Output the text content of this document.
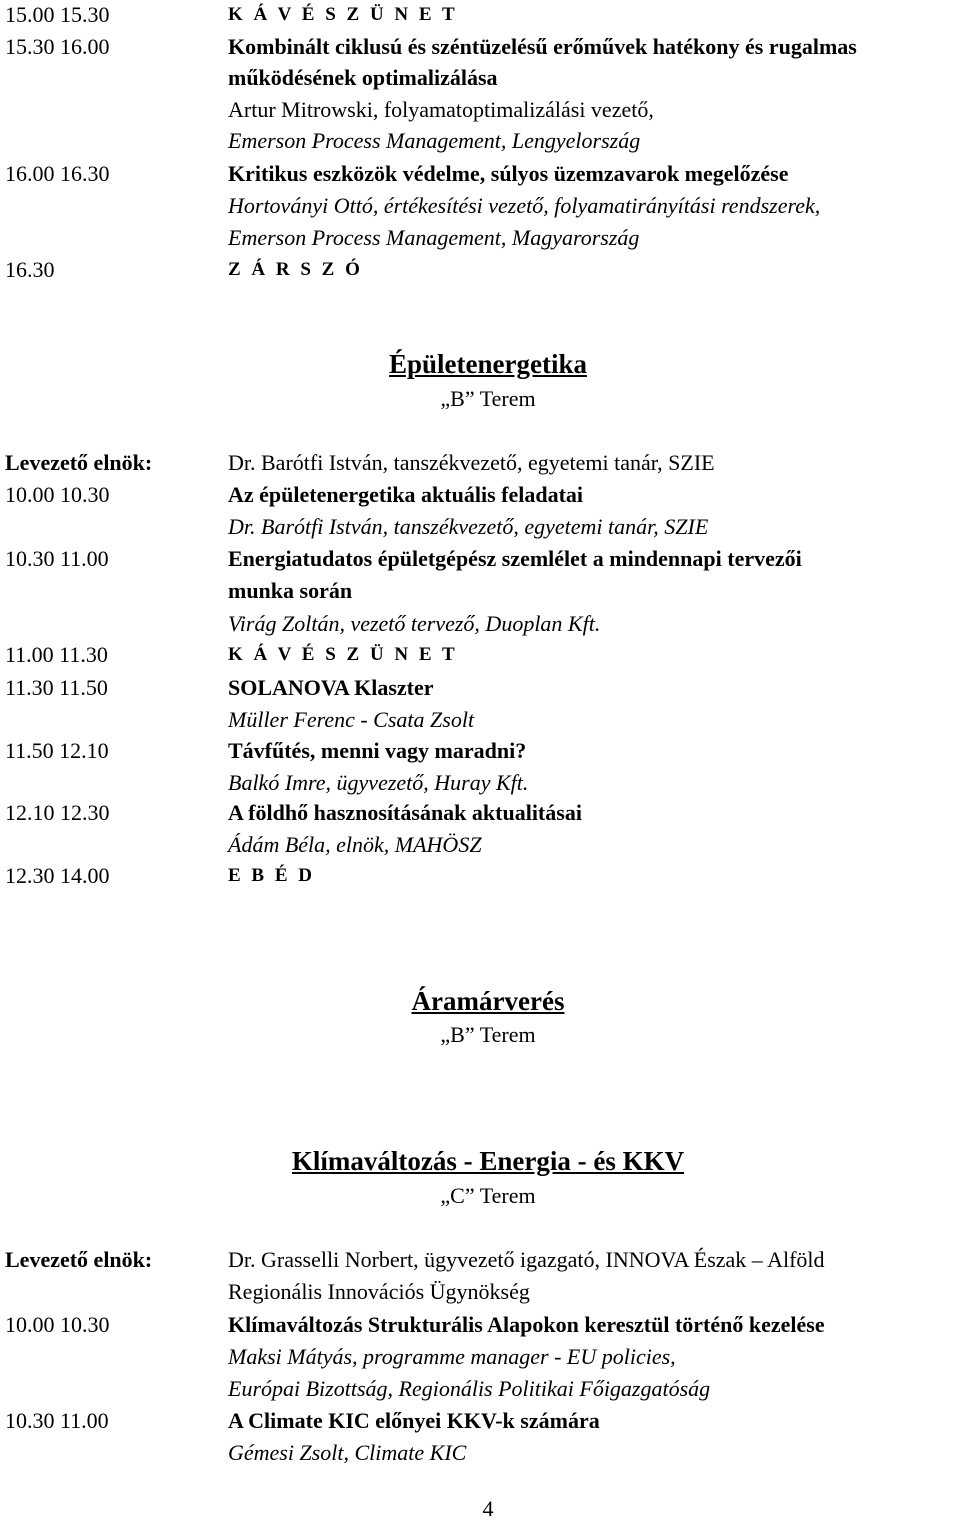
15.00 15.30	K Á V É S Z Ü N E T
15.30 16.00	Kombinált ciklusú és széntüzelésű erőművek hatékony és rugalmas
működésének optimalizálása
Artur Mitrowski, folyamatoptimalizálási vezető,
Emerson Process Management, Lengyelország
16.00 16.30	Kritikus eszközök védelme, súlyos üzemzavarok megelőzése
Hortoványi Ottó, értékesítési vezető, folyamatirányítási rendszerek,
Emerson Process Management, Magyarország
16.30	Z Á R S Z Ó
Épületenergetika
„B” Terem
Levezető elnök:	Dr. Barótfi István, tanszékvezető, egyetemi tanár, SZIE
10.00 10.30	Az épületenergetika aktuális feladatai
Dr. Barótfi István, tanszékvezető, egyetemi tanár, SZIE
10.30 11.00	Energiatudatos épületgépész szemlélet a mindennapi tervezői
munka során
Virág Zoltán, vezető tervező, Duoplan Kft.
11.00 11.30	K Á V É S Z Ü N E T
11.30 11.50	SOLANOVA Klaszter
Müller Ferenc - Csata Zsolt
11.50 12.10	Távfűtés, menni vagy maradni?
Balkó Imre, ügyvezető, Huray Kft.
12.10 12.30	A földhő hasznosításának aktualitásai
Ádám Béla, elnök, MAHÖSZ
12.30 14.00	E B É D
Áramárverés
„B” Terem
Klímaváltozás - Energia - és KKV
„C” Terem
Levezető elnök:	Dr. Grasselli Norbert, ügyvezető igazgató, INNOVA Észak – Alföld
Regionális Innovációs Ügynökség
10.00 10.30	Klímaváltozás Strukturális Alapokon keresztül történő kezelése
Maksi Mátyás, programme manager - EU policies,
Európai Bizottság, Regionális Politikai Főigazgatóság
10.30 11.00	A Climate KIC előnyei KKV-k számára
Gémesi Zsolt, Climate KIC
4
